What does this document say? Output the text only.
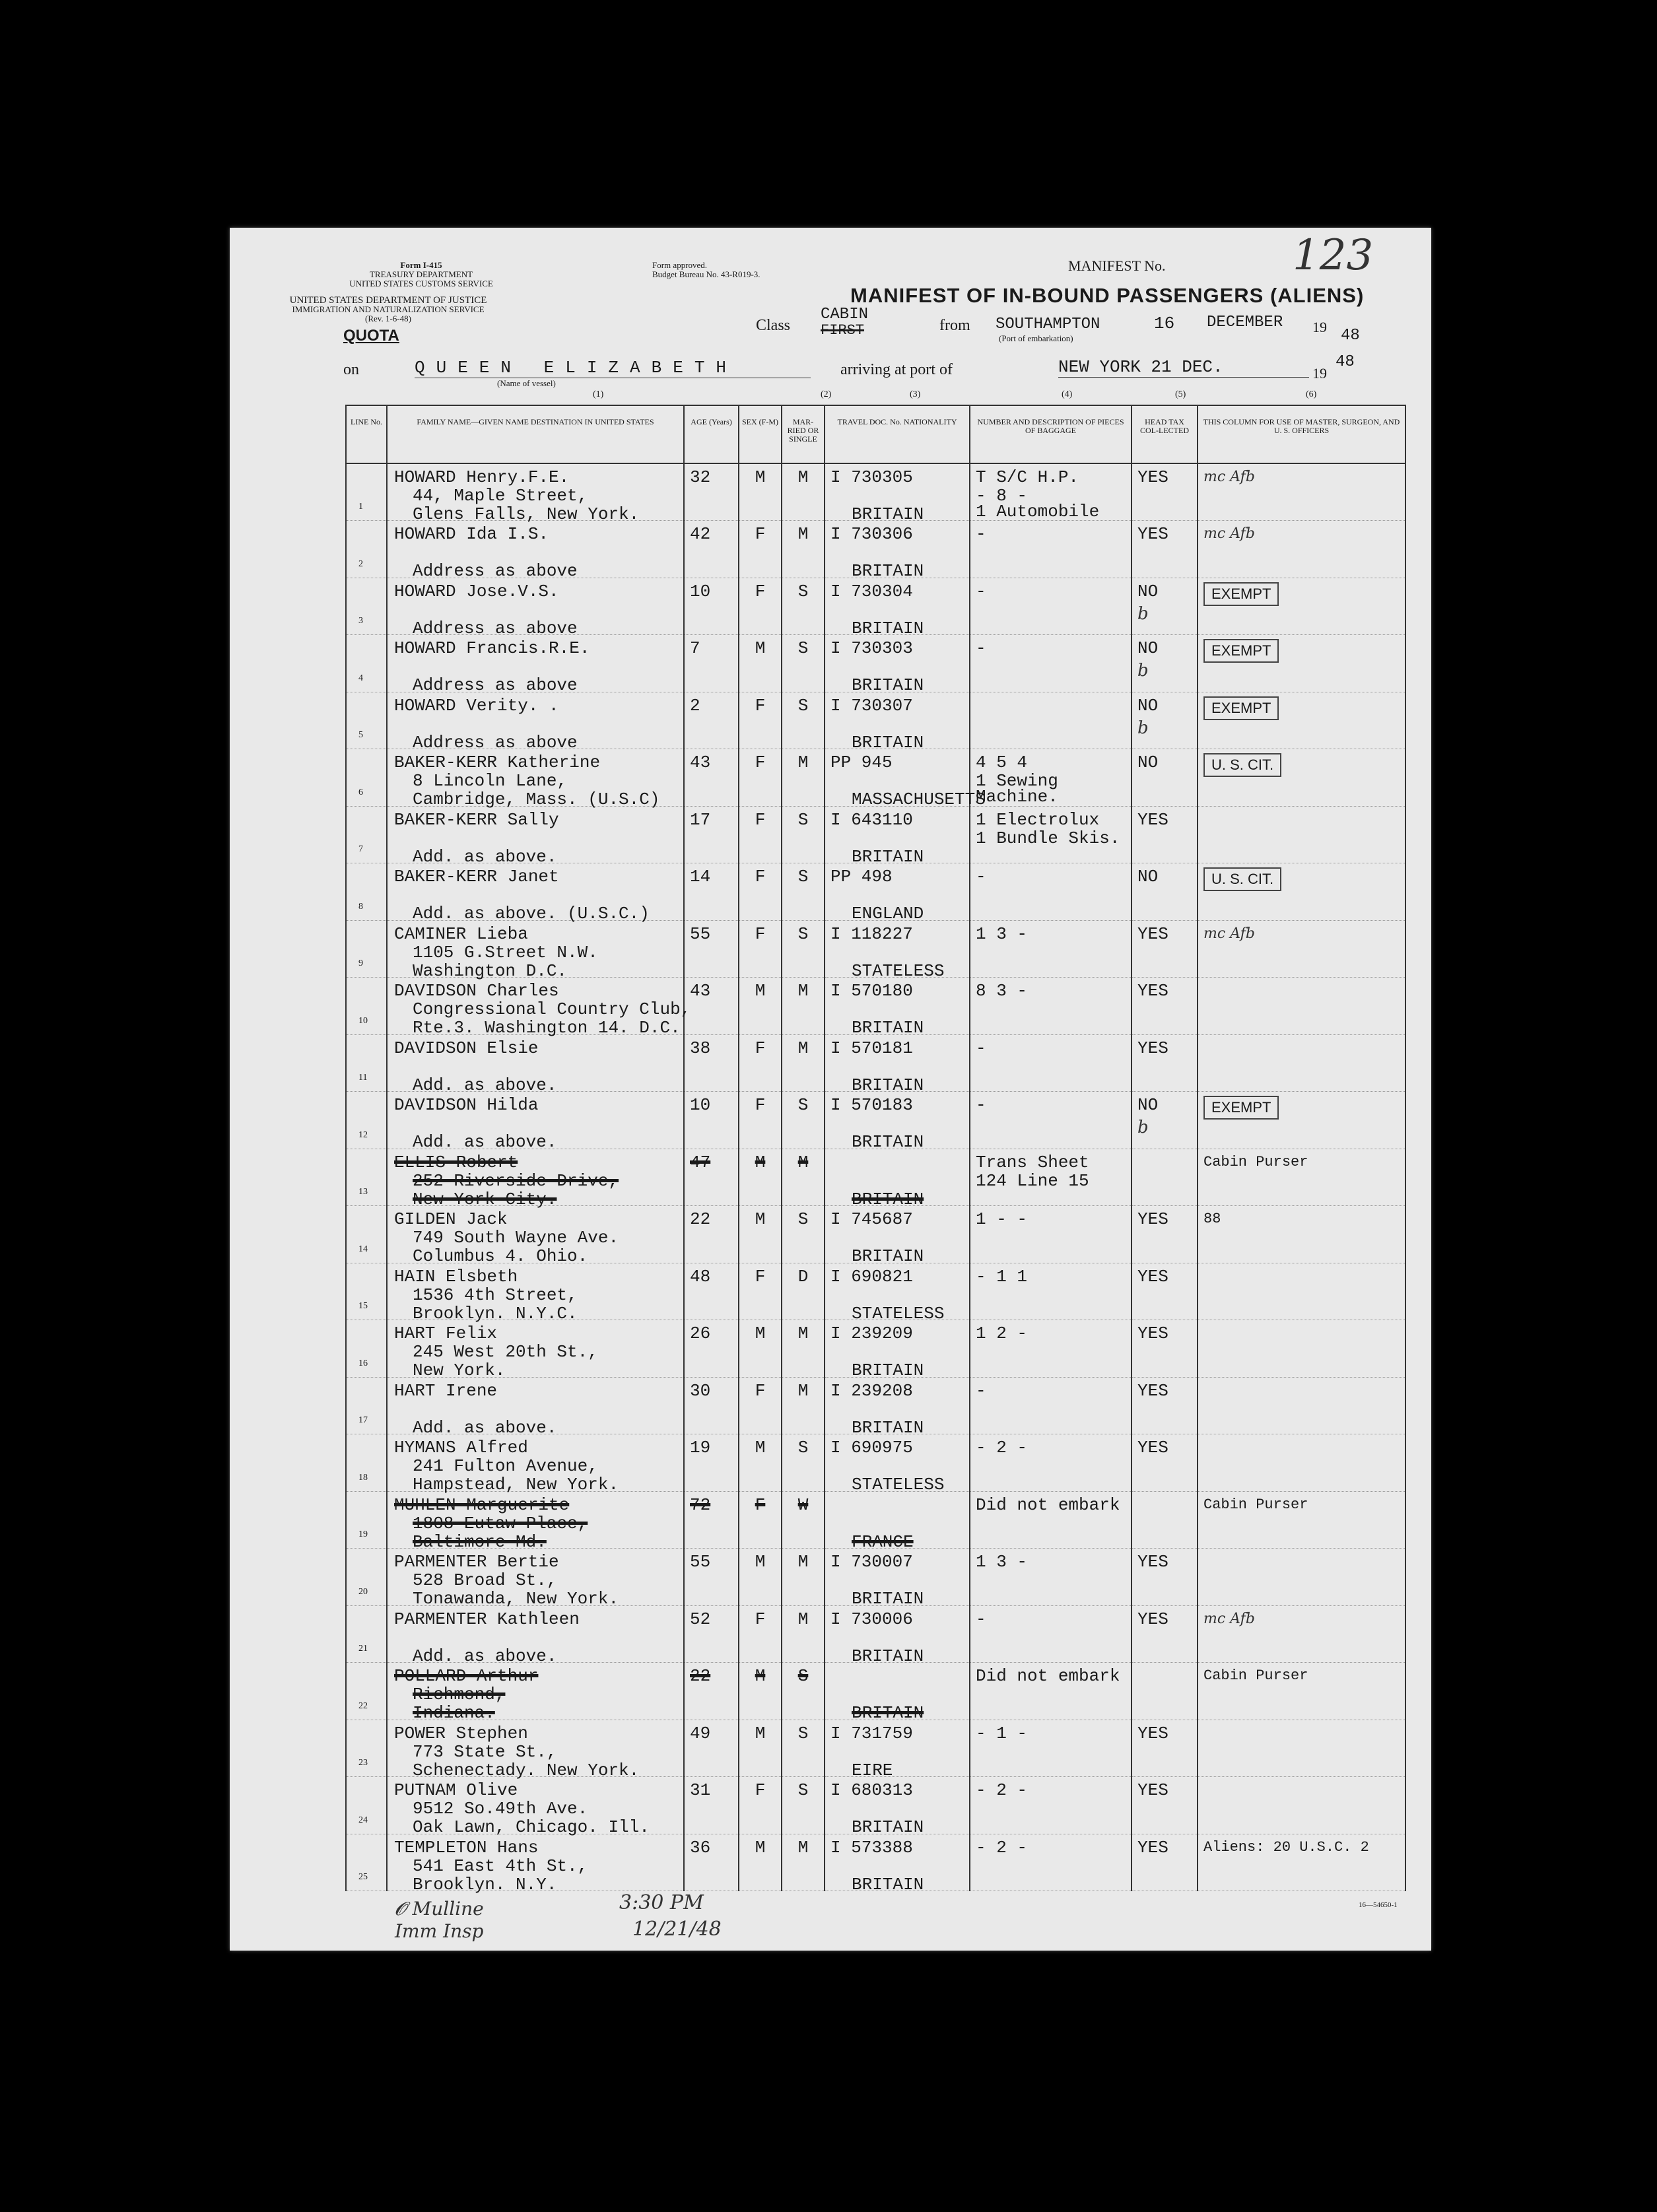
Form I-415
TREASURY DEPARTMENT
UNITED STATES CUSTOMS SERVICE
UNITED STATES DEPARTMENT OF JUSTICE
IMMIGRATION AND NATURALIZATION SERVICE
(Rev. 1-6-48)
Form approved.
Budget Bureau No. 43-R019-3.
MANIFEST No.	123
MANIFEST OF IN-BOUND PASSENGERS (ALIENS)
QUOTA
Class
CABIN
FIRST	from SOUTHAMPTON
(Port of embarkation)
16 DECEMBER 19 48
on	QUEEN ELIZABETH
(Name of vessel)
arriving at port of	NEW YORK 21 DEC.	19
48
(1)	(2)	(3)	(4)	(5)	(6)
LINE No.	FAMILY NAME—GIVEN NAME DESTINATION IN UNITED STATES	AGE (Years)	SEX (F-M)	MAR-RIED OR SINGLE	TRAVEL DOC. No. NATIONALITY	NUMBER AND DESCRIPTION OF PIECES OF BAGGAGE	HEAD TAX COL-LECTED	THIS COLUMN FOR USE OF MASTER, SURGEON, AND U. S. OFFICERS

1	HOWARD Henry.F.E.
44, Maple Street,
Glens Falls, New York.	32	M	M	I 730305
BRITAIN	T S/C H.P.
- 8 -
1 Automobile	YES	mc Afb

2	HOWARD Ida I.S.
Address as above	42	F	M	I 730306
BRITAIN	-	YES	mc Afb

3	HOWARD Jose.V.S.
Address as above	10	F	S	I 730304
BRITAIN	-	NO
b	EXEMPT

4	HOWARD Francis.R.E.
Address as above	7	M	S	I 730303
BRITAIN	-	NO
b	EXEMPT

5	HOWARD Verity. .
Address as above	2	F	S	I 730307
BRITAIN		NO
b	EXEMPT

6	BAKER-KERR Katherine
8 Lincoln Lane,
Cambridge, Mass. (U.S.C)	43	F	M	PP 945
MASSACHUSETTS	4 5 4
1 Sewing
Machine.	NO	U. S. CIT.

7	BAKER-KERR Sally
Add. as above.	17	F	S	I 643110
BRITAIN	1 Electrolux
1 Bundle Skis.	YES	

8	BAKER-KERR Janet
Add. as above. (U.S.C.)	14	F	S	PP 498
ENGLAND	-	NO	U. S. CIT.

9	CAMINER Lieba
1105 G.Street N.W.
Washington D.C.	55	F	S	I 118227
STATELESS	1 3 -	YES	mc Afb

10	DAVIDSON Charles
Congressional Country Club,
Rte.3. Washington 14. D.C.	43	M	M	I 570180
BRITAIN	8 3 -	YES	

11	DAVIDSON Elsie
Add. as above.	38	F	M	I 570181
BRITAIN	-	YES	

12	DAVIDSON Hilda
Add. as above.	10	F	S	I 570183
BRITAIN	-	NO
b	EXEMPT

13	ELLIS Robert
252 Riverside Drive,
New York City.	47	M	M	BRITAIN	Trans Sheet
124 Line 15		Cabin Purser

14	GILDEN Jack
749 South Wayne Ave.
Columbus 4. Ohio.	22	M	S	I 745687
BRITAIN	1 - -	YES	88

15	HAIN Elsbeth
1536 4th Street,
Brooklyn. N.Y.C.	48	F	D	I 690821
STATELESS	- 1 1	YES	

16	HART Felix
245 West 20th St.,
New York.	26	M	M	I 239209
BRITAIN	1 2 -	YES	

17	HART Irene
Add. as above.	30	F	M	I 239208
BRITAIN	-	YES	

18	HYMANS Alfred
241 Fulton Avenue,
Hampstead, New York.	19	M	S	I 690975
STATELESS	- 2 -	YES	

19	MUHLEN Marguerite
1808 Eutaw Place,
Baltimore Md.	72	F	W	FRANCE	Did not embark		Cabin Purser

20	PARMENTER Bertie
528 Broad St.,
Tonawanda, New York.	55	M	M	I 730007
BRITAIN	1 3 -	YES	

21	PARMENTER Kathleen
Add. as above.	52	F	M	I 730006
BRITAIN	-	YES	mc Afb

22	POLLARD Arthur
Richmond,
Indiana.	22	M	S	BRITAIN	Did not embark		Cabin Purser

23	POWER Stephen
773 State St.,
Schenectady. New York.	49	M	S	I 731759
EIRE	- 1 -	YES	

24	PUTNAM Olive
9512 So.49th Ave.
Oak Lawn, Chicago. Ill.	31	F	S	I 680313
BRITAIN	- 2 -	YES	

25	TEMPLETON Hans
541 East 4th St.,
Brooklyn. N.Y.	36	M	M	I 573388
BRITAIN	- 2 -	YES	Aliens: 20 U.S.C. 2
𝓞 Mulline
Imm Insp
3:30 PM
12/21/48
16—54650-1
